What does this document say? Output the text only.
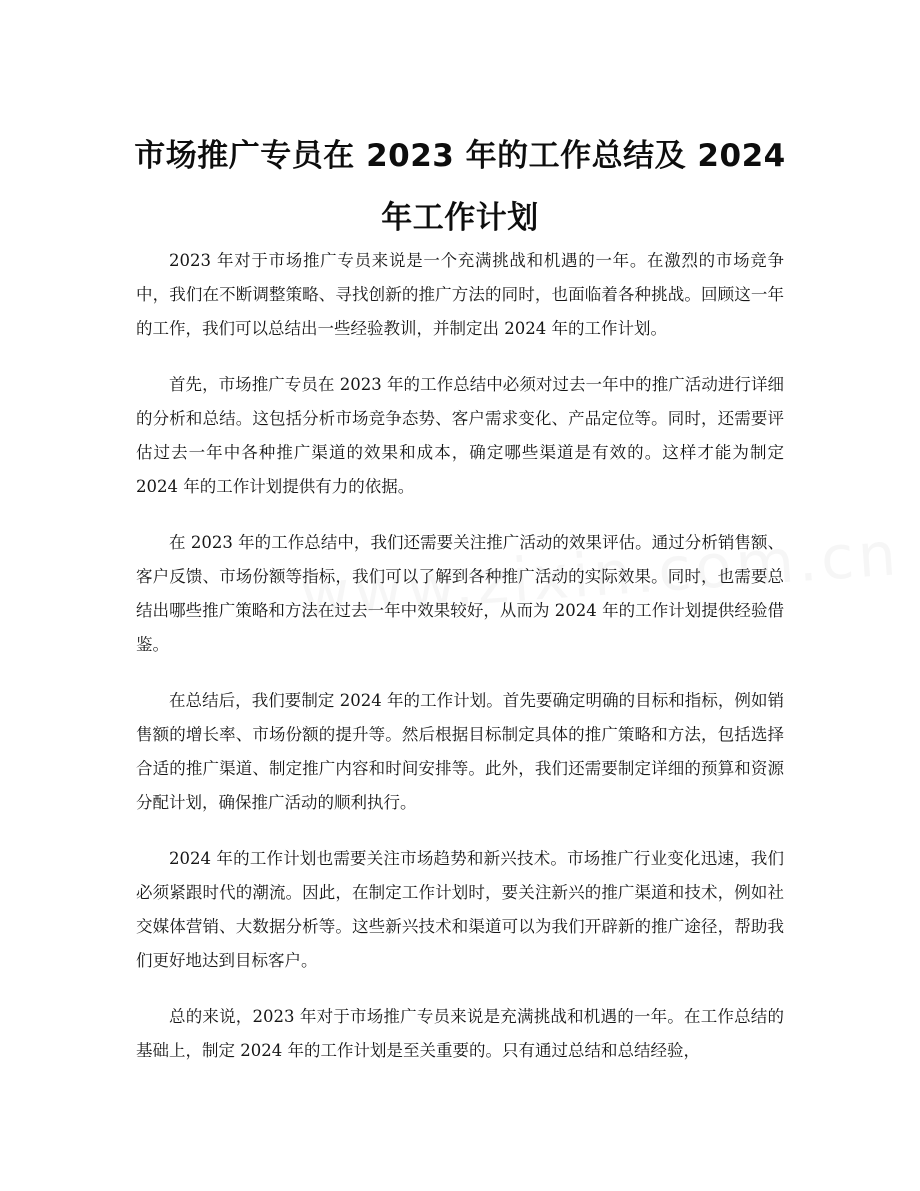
市场推广专员在 2023 年的工作总结及 2024 年工作计划

2023 年对于市场推广专员来说是一个充满挑战和机遇的一年。在激烈的市场竞争中，我们在不断调整策略、寻找创新的推广方法的同时，也面临着各种挑战。回顾这一年的工作，我们可以总结出一些经验教训，并制定出 2024 年的工作计划。

首先，市场推广专员在 2023 年的工作总结中必须对过去一年中的推广活动进行详细的分析和总结。这包括分析市场竞争态势、客户需求变化、产品定位等。同时，还需要评估过去一年中各种推广渠道的效果和成本，确定哪些渠道是有效的。这样才能为制定 2024 年的工作计划提供有力的依据。

在 2023 年的工作总结中，我们还需要关注推广活动的效果评估。通过分析销售额、客户反馈、市场份额等指标，我们可以了解到各种推广活动的实际效果。同时，也需要总结出哪些推广策略和方法在过去一年中效果较好，从而为 2024 年的工作计划提供经验借鉴。

在总结后，我们要制定 2024 年的工作计划。首先要确定明确的目标和指标，例如销售额的增长率、市场份额的提升等。然后根据目标制定具体的推广策略和方法，包括选择合适的推广渠道、制定推广内容和时间安排等。此外，我们还需要制定详细的预算和资源分配计划，确保推广活动的顺利执行。

2024 年的工作计划也需要关注市场趋势和新兴技术。市场推广行业变化迅速，我们必须紧跟时代的潮流。因此，在制定工作计划时，要关注新兴的推广渠道和技术，例如社交媒体营销、大数据分析等。这些新兴技术和渠道可以为我们开辟新的推广途径，帮助我们更好地达到目标客户。

总的来说，2023 年对于市场推广专员来说是充满挑战和机遇的一年。在工作总结的基础上，制定 2024 年的工作计划是至关重要的。只有通过总结和总结经验，
